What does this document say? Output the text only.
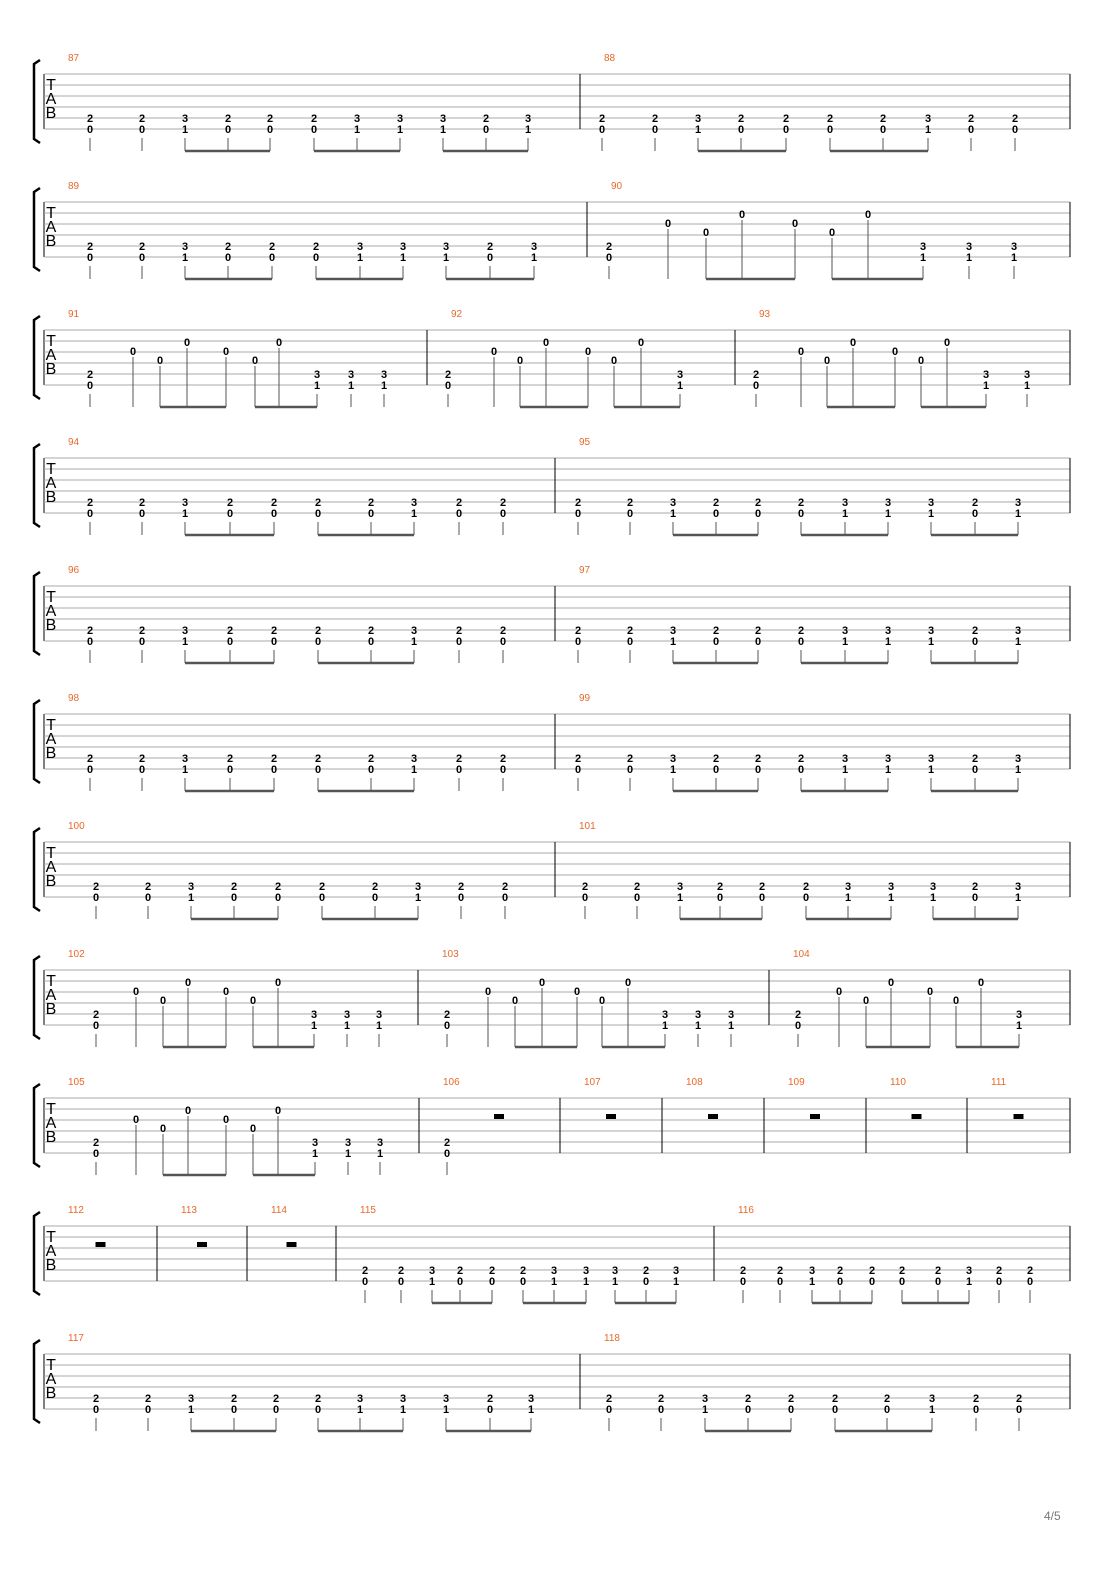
T
A
B
87
2
0
2
0
3
1
2
0
2
0
2
0
3
1
3
1
3
1
2
0
3
1
88
2
0
2
0
3
1
2
0
2
0
2
0
2
0
3
1
2
0
2
0
T
A
B
89
2
0
2
0
3
1
2
0
2
0
2
0
3
1
3
1
3
1
2
0
3
1
90
2
0
0
0
0
0
0
0
3
1
3
1
3
1
T
A
B
91
2
0
0
0
0
0
0
0
3
1
3
1
3
1
92
2
0
0
0
0
0
0
0
3
1
93
2
0
0
0
0
0
0
0
3
1
3
1
T
A
B
94
2
0
2
0
3
1
2
0
2
0
2
0
2
0
3
1
2
0
2
0
95
2
0
2
0
3
1
2
0
2
0
2
0
3
1
3
1
3
1
2
0
3
1
T
A
B
96
2
0
2
0
3
1
2
0
2
0
2
0
2
0
3
1
2
0
2
0
97
2
0
2
0
3
1
2
0
2
0
2
0
3
1
3
1
3
1
2
0
3
1
T
A
B
98
2
0
2
0
3
1
2
0
2
0
2
0
2
0
3
1
2
0
2
0
99
2
0
2
0
3
1
2
0
2
0
2
0
3
1
3
1
3
1
2
0
3
1
T
A
B
100
2
0
2
0
3
1
2
0
2
0
2
0
2
0
3
1
2
0
2
0
101
2
0
2
0
3
1
2
0
2
0
2
0
3
1
3
1
3
1
2
0
3
1
T
A
B
102
2
0
0
0
0
0
0
0
3
1
3
1
3
1
103
2
0
0
0
0
0
0
0
3
1
3
1
3
1
104
2
0
0
0
0
0
0
0
3
1
T
A
B
105
2
0
0
0
0
0
0
0
3
1
3
1
3
1
106
2
0
107	108	109	110	111
T
A
B
112	113	114	115
2
0
2
0
3
1
2
0
2
0
2
0
3
1
3
1
3
1
2
0
3
1
116
2
0
2
0
3
1
2
0
2
0
2
0
2
0
3
1
2
0
2
0
T
A
B
117
2
0
2
0
3
1
2
0
2
0
2
0
3
1
3
1
3
1
2
0
3
1
118
2
0
2
0
3
1
2
0
2
0
2
0
2
0
3
1
2
0
2
0
4/5
